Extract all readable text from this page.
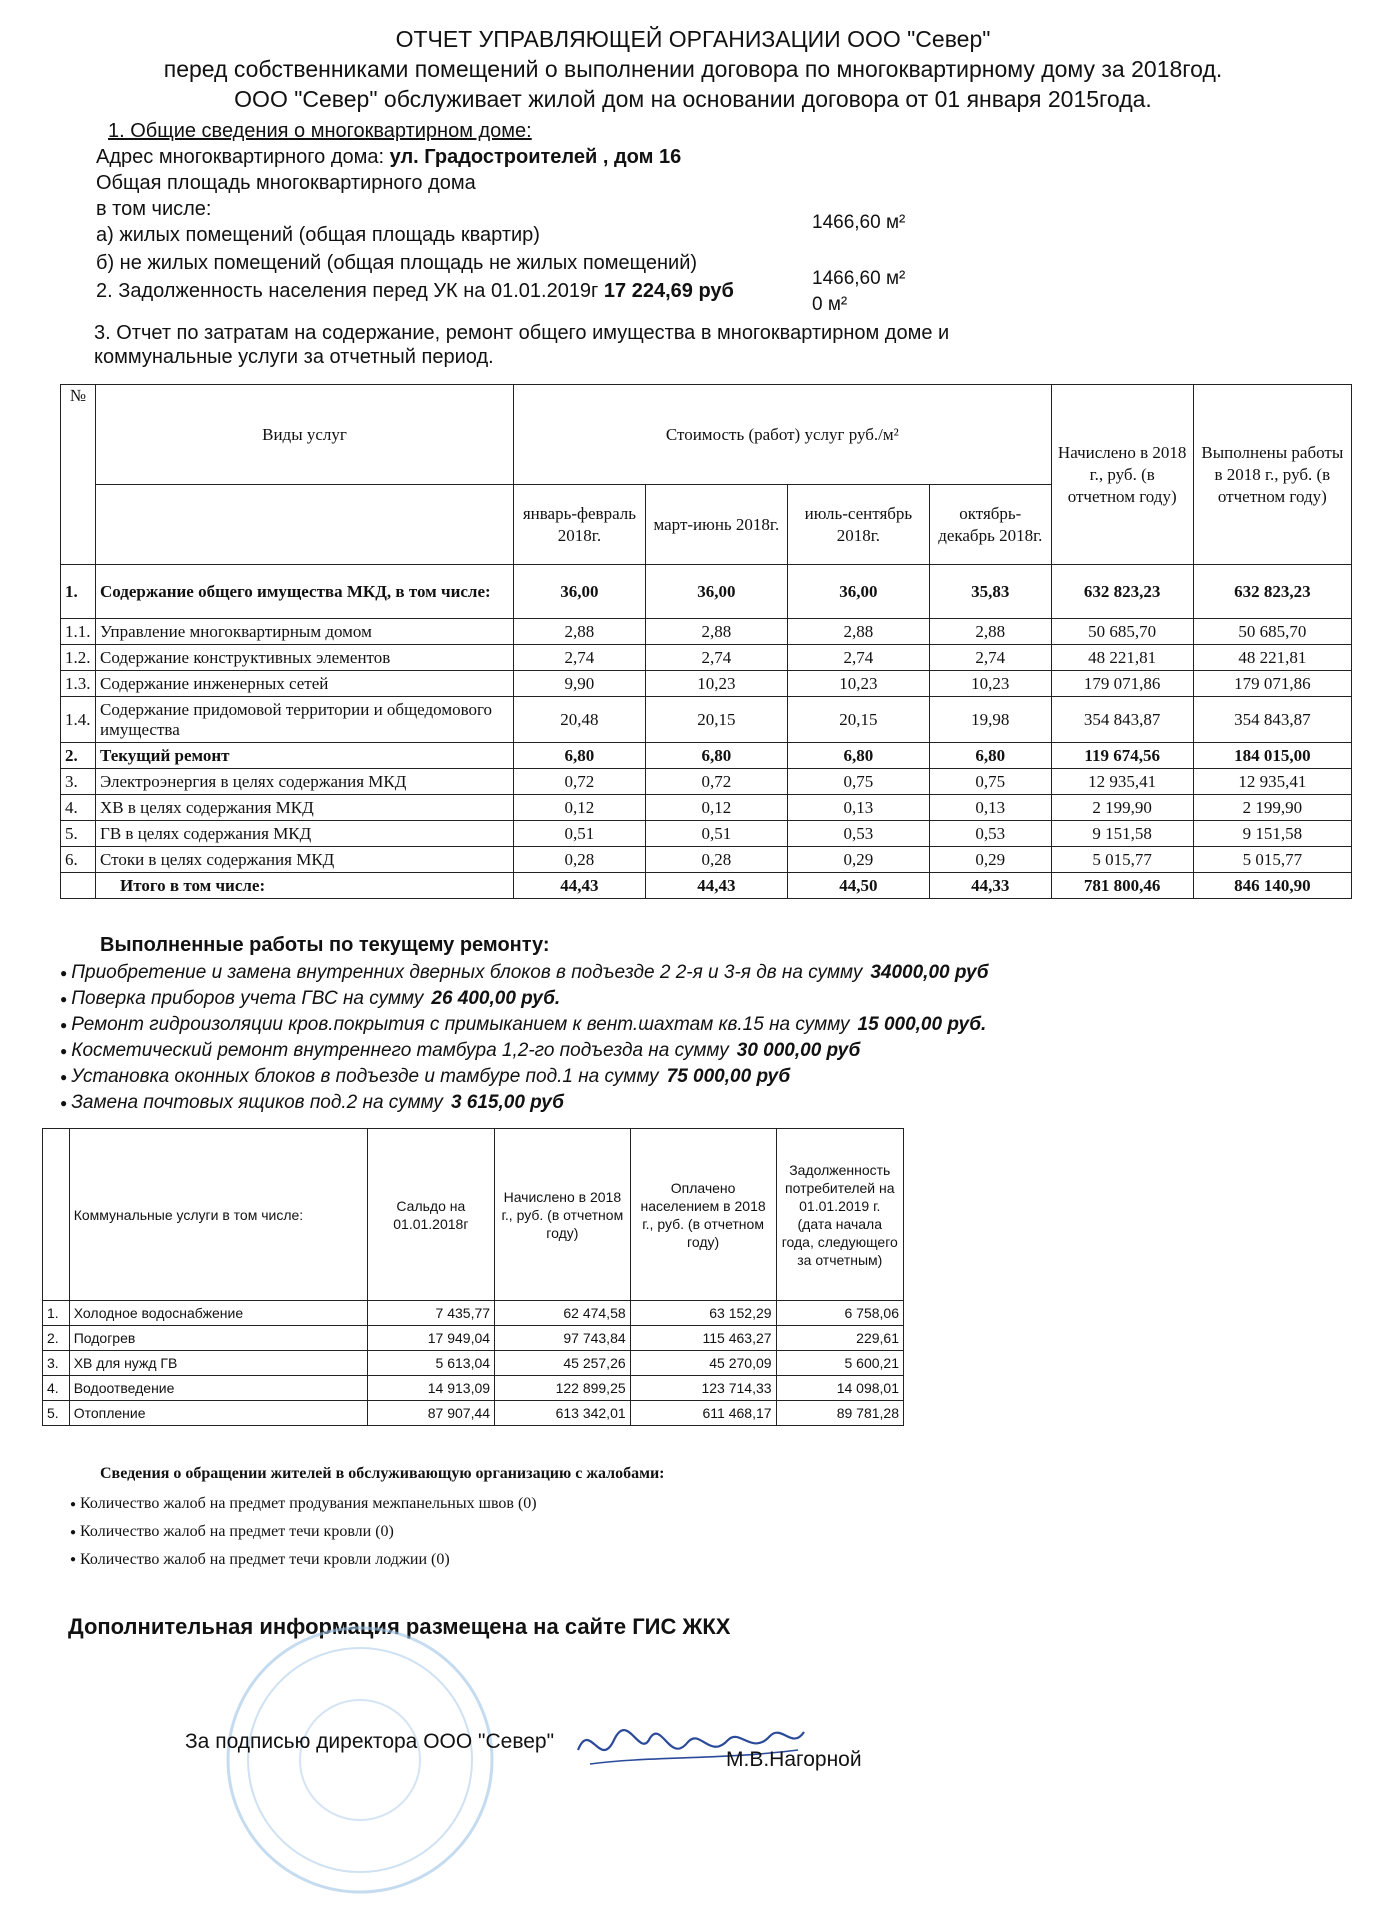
ОТЧЕТ УПРАВЛЯЮЩЕЙ ОРГАНИЗАЦИИ ООО "Север"
перед собственниками помещений о выполнении договора по многоквартирному дому за 2018год.
ООО "Север" обслуживает жилой дом на основании договора от 01 января 2015года.
1. Общие сведения о многоквартирном доме:
Адрес многоквартирного дома: ул. Градостроителей , дом 16
Общая площадь многоквартирного дома
в том числе:
1466,60 м²
а) жилых помещений (общая площадь квартир)
б) не жилых помещений (общая площадь не жилых помещений)
1466,60 м²
0 м²
2. Задолженность населения перед УК на 01.01.2019г 17 224,69 руб
3. Отчет по затратам на содержание, ремонт общего имущества в многоквартирном доме и
коммунальные услуги за отчетный период.
№	Виды услуг	Стоимость (работ) услуг руб./м²				Начислено в 2018 г., руб. (в отчетном году)	Выполнены работы в 2018 г., руб. (в отчетном году)
		январь-февраль 2018г.	март-июнь 2018г.	июль-сентябрь 2018г.	октябрь-декабрь 2018г.		
1.	Содержание общего имущества МКД, в том числе:	36,00	36,00	36,00	35,83	632 823,23	632 823,23
1.1.	Управление многоквартирным домом	2,88	2,88	2,88	2,88	50 685,70	50 685,70
1.2.	Содержание конструктивных элементов	2,74	2,74	2,74	2,74	48 221,81	48 221,81
1.3.	Содержание инженерных сетей	9,90	10,23	10,23	10,23	179 071,86	179 071,86
1.4.	Содержание придомовой территории и общедомового имущества	20,48	20,15	20,15	19,98	354 843,87	354 843,87
2.	Текущий ремонт	6,80	6,80	6,80	6,80	119 674,56	184 015,00
3.	Электроэнергия в целях содержания МКД	0,72	0,72	0,75	0,75	12 935,41	12 935,41
4.	ХВ в целях содержания МКД	0,12	0,12	0,13	0,13	2 199,90	2 199,90
5.	ГВ в целях содержания МКД	0,51	0,51	0,53	0,53	9 151,58	9 151,58
6.	Стоки в целях содержания МКД	0,28	0,28	0,29	0,29	5 015,77	5 015,77
	Итого в том числе:	44,43	44,43	44,50	44,33	781 800,46	846 140,90
Выполненные работы по текущему ремонту:
● Приобретение и замена внутренних дверных блоков в подъезде 2 2-я и 3-я дв на сумму 34000,00 руб
● Поверка приборов учета ГВС на сумму 26 400,00 руб.
● Ремонт гидроизоляции кров.покрытия с примыканием к вент.шахтам кв.15 на сумму 15 000,00 руб.
● Косметический ремонт внутреннего тамбура 1,2-го подъезда на сумму 30 000,00 руб
● Установка оконных блоков в подъезде и тамбуре под.1 на сумму 75 000,00 руб
● Замена почтовых ящиков под.2 на сумму 3 615,00 руб
	Коммунальные услуги в том числе:	Сальдо на 01.01.2018г	Начислено в 2018 г., руб. (в отчетном году)	Оплачено населением в 2018 г., руб. (в отчетном году)	Задолженность потребителей на 01.01.2019 г. (дата начала года, следующего за отчетным)
1.	Холодное водоснабжение	7 435,77	62 474,58	63 152,29	6 758,06
2.	Подогрев	17 949,04	97 743,84	115 463,27	229,61
3.	ХВ для нужд ГВ	5 613,04	45 257,26	45 270,09	5 600,21
4.	Водоотведение	14 913,09	122 899,25	123 714,33	14 098,01
5.	Отопление	87 907,44	613 342,01	611 468,17	89 781,28
Сведения о обращении жителей в обслуживающую организацию с жалобами:
● Количество жалоб на предмет продувания межпанельных швов (0)
● Количество жалоб на предмет течи кровли (0)
● Количество жалоб на предмет течи кровли лоджии (0)
Дополнительная информация размещена на сайте ГИС ЖКХ
За подписью директора ООО "Север"
М.В.Нагорной
